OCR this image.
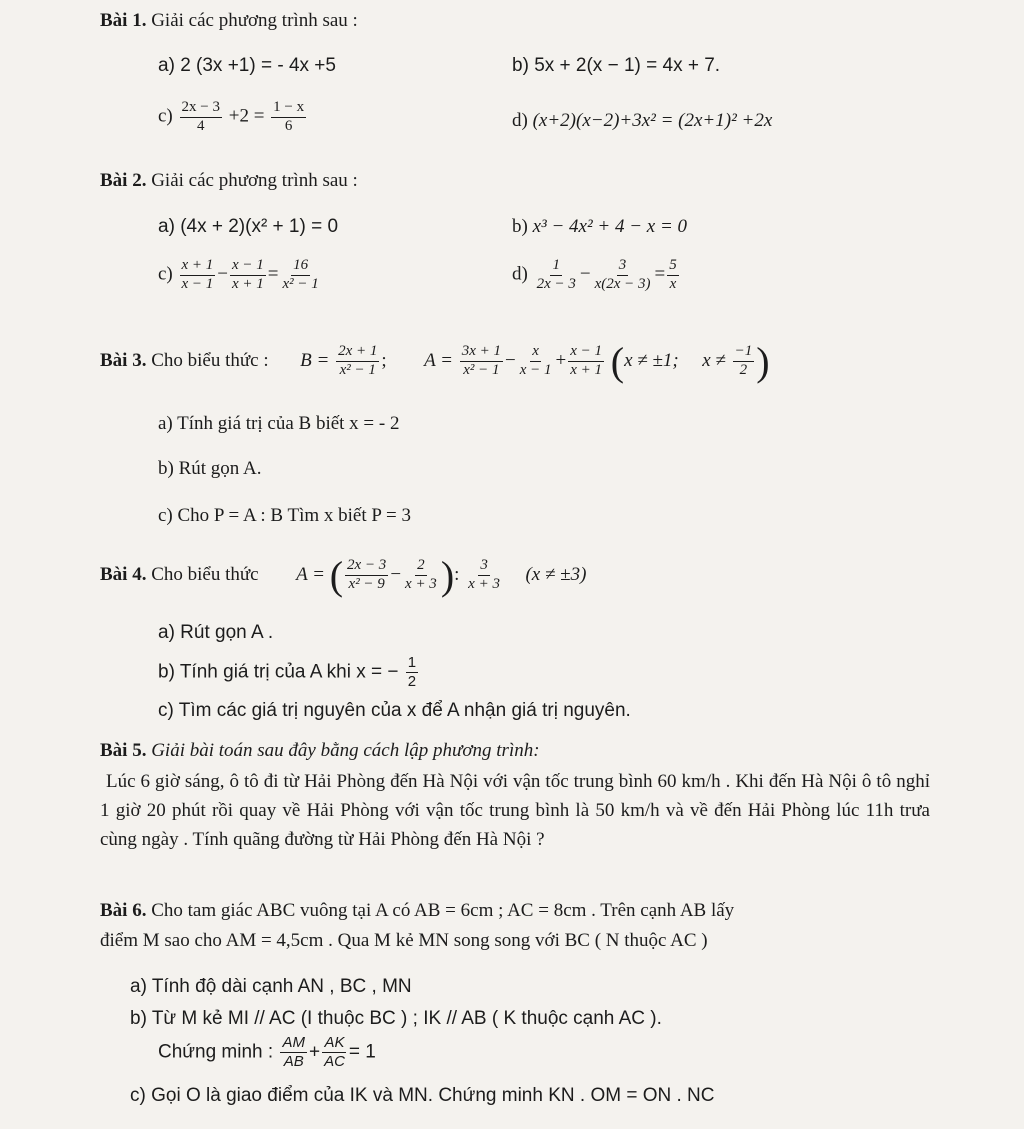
Bài 1. Giải các phương trình sau :
a) 2 (3x +1) = - 4x +5	b) 5x + 2(x − 1) = 4x + 7.
$c) \frac{2x - 3}{4} +2 = \frac{1 - x}{6}$	d) (x+2)(x−2)+3x² = (2x+1)² +2x
Bài 2. Giải các phương trình sau :
a) (4x + 2)(x² + 1) = 0	b) x³ − 4x² + 4 − x = 0
$c) \frac{x + 1}{x - 1} - \frac{x - 1}{x + 1} = \frac{16}{\text{x² − 1}}$	$d) \frac{1}{2x - 3} - \frac{3}{x(2x - 3)} = \frac{5}{x}$
Bài 3. Cho biểu thức : $B = \frac{2x + 1}{\text{x² − 1}}$ ; $A = \frac{3x + 1}{\text{x² − 1}} - \frac{x}{x - 1} + \frac{x - 1}{x + 1} (x \ne \pm 1$; $x \ne \frac{-1}{2}$ )
a) Tính giá trị của B biết x = - 2
b) Rút gọn A.
c) Cho P = A : B Tìm x biết P = 3
Bài 4. Cho biểu thức A = ( $\frac{2x - 3}{\text{x² − 9}} - \frac{2}{x + 3}$ ): $\frac{3}{x + 3} (x \ne \pm 3)$
a) Rút gọn A .
b) Tính giá trị của A khi x = − $\frac{1}{2}$
c) Tìm các giá trị nguyên của x để A nhận giá trị nguyên.
Bài 5. Giải bài toán sau đây bằng cách lập phương trình:
Lúc 6 giờ sáng, ô tô đi từ Hải Phòng đến Hà Nội với vận tốc trung bình 60 km/h . Khi đến Hà Nội ô tô nghỉ 1 giờ 20 phút rồi quay về Hải Phòng với vận tốc trung bình là 50 km/h và về đến Hải Phòng lúc 11h trưa cùng ngày . Tính quãng đường từ Hải Phòng đến Hà Nội ?
Bài 6. Cho tam giác ABC vuông tại A có AB = 6cm ; AC = 8cm . Trên cạnh AB lấy
điểm M sao cho AM = 4,5cm . Qua M kẻ MN song song với BC ( N thuộc AC )
a) Tính độ dài cạnh AN , BC , MN
b) Từ M kẻ MI // AC (I thuộc BC ) ; IK // AB ( K thuộc cạnh AC ).
Chứng minh : $\frac{AM}{AB} + \frac{AK}{AC} = 1$
c) Gọi O là giao điểm của IK và MN. Chứng minh KN . OM = ON . NC
